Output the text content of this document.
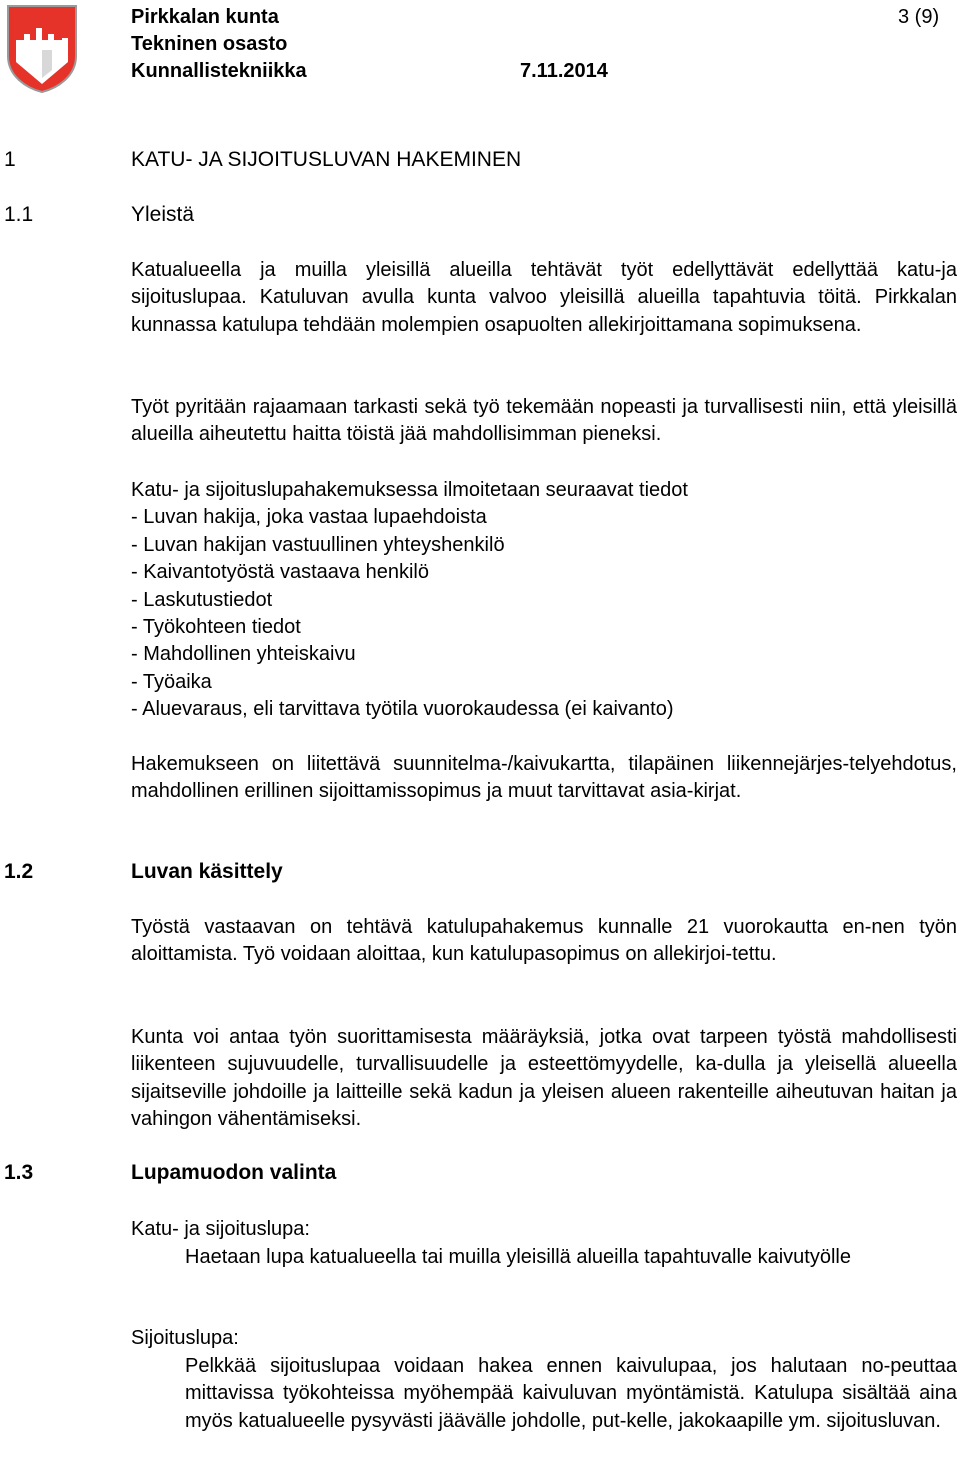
Pirkkalan kunta
Tekninen osasto
Kunnallistekniikka	7.11.2014
3 (9)
1	KATU- JA SIJOITUSLUVAN HAKEMINEN
1.1	Yleistä
Katualueella ja muilla yleisillä alueilla tehtävät työt edellyttävät edellyttää katu-ja sijoituslupaa. Katuluvan avulla kunta valvoo yleisillä alueilla tapahtuvia töitä. Pirkkalan kunnassa katulupa tehdään molempien osapuolten allekirjoittamana sopimuksena.
Työt pyritään rajaamaan tarkasti sekä työ tekemään nopeasti ja turvallisesti niin, että yleisillä alueilla aiheutettu haitta töistä jää mahdollisimman pieneksi.
Katu- ja sijoituslupahakemuksessa ilmoitetaan seuraavat tiedot
- Luvan hakija, joka vastaa lupaehdoista
- Luvan hakijan vastuullinen yhteyshenkilö
- Kaivantotyöstä vastaava henkilö
- Laskutustiedot
- Työkohteen tiedot
- Mahdollinen yhteiskaivu
- Työaika
- Aluevaraus, eli tarvittava työtila vuorokaudessa (ei kaivanto)
Hakemukseen on liitettävä suunnitelma-/kaivukartta, tilapäinen liikennejärjes-telyehdotus, mahdollinen erillinen sijoittamissopimus ja muut tarvittavat asia-kirjat.
1.2	Luvan käsittely
Työstä vastaavan on tehtävä katulupahakemus kunnalle 21 vuorokautta en-nen työn aloittamista. Työ voidaan aloittaa, kun katulupasopimus on allekirjoi-tettu.
Kunta voi antaa työn suorittamisesta määräyksiä, jotka ovat tarpeen työstä mahdollisesti liikenteen sujuvuudelle, turvallisuudelle ja esteettömyydelle, ka-dulla ja yleisellä alueella sijaitseville johdoille ja laitteille sekä kadun ja yleisen alueen rakenteille aiheutuvan haitan ja vahingon vähentämiseksi.
1.3	Lupamuodon valinta
Katu- ja sijoituslupa:
Haetaan lupa katualueella tai muilla yleisillä alueilla tapahtuvalle kaivutyölle
Sijoituslupa:
Pelkkää sijoituslupaa voidaan hakea ennen kaivulupaa, jos halutaan no-peuttaa mittavissa työkohteissa myöhempää kaivuluvan myöntämistä. Katulupa sisältää aina myös katualueelle pysyvästi jäävälle johdolle, put-kelle, jakokaapille ym. sijoitusluvan.
